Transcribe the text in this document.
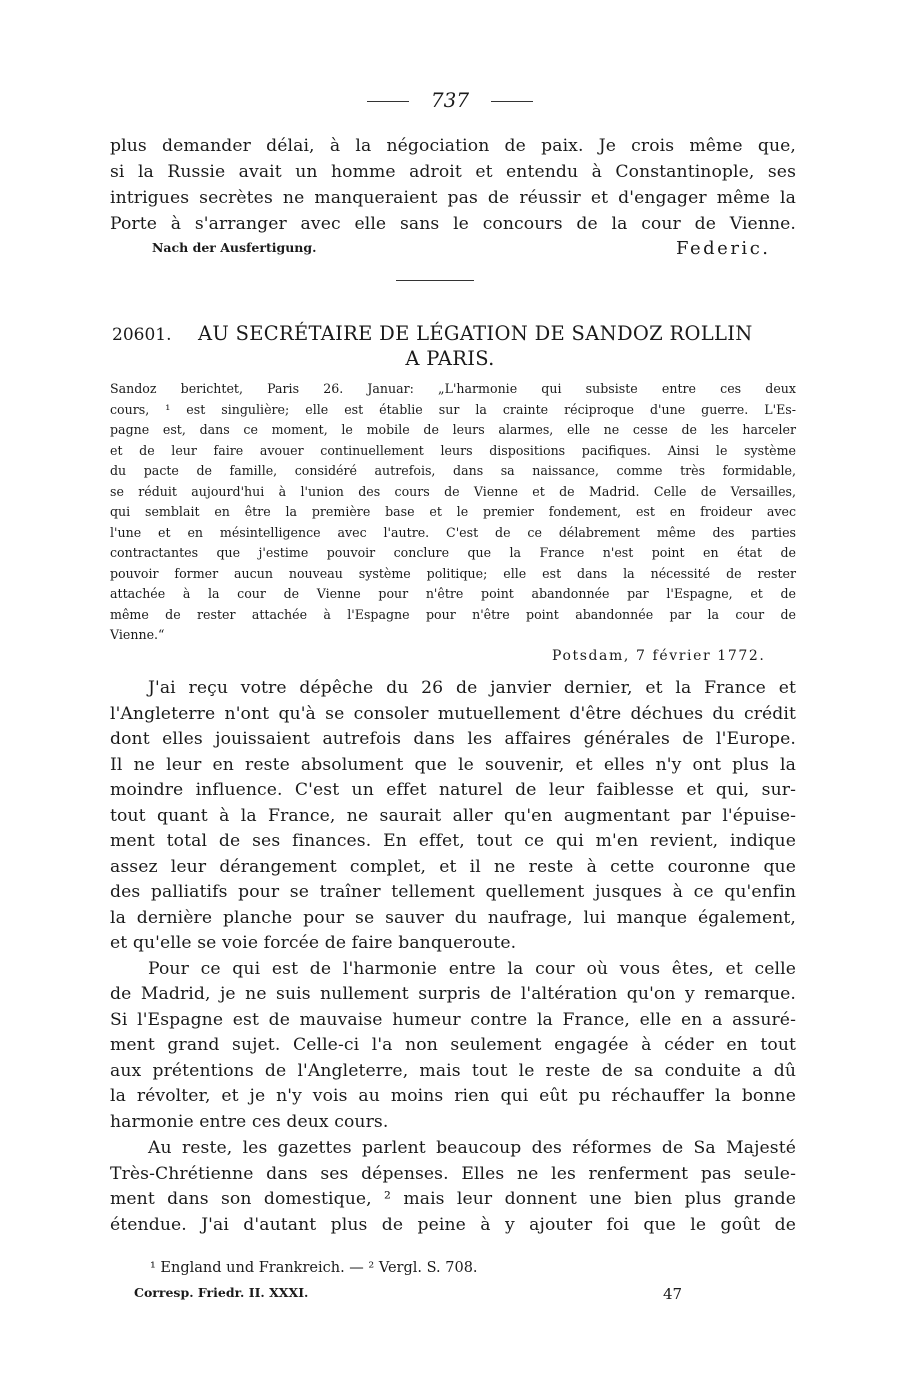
737
plus demander délai, à la négociation de paix. Je crois même que,
si la Russie avait un homme adroit et entendu à Constantinople, ses
intrigues secrètes ne manqueraient pas de réussir et d'engager même la
Porte à s'arranger avec elle sans le concours de la cour de Vienne.
Nach der Ausfertigung.	Federic.
20601. AU SECRÉTAIRE DE LÉGATION DE SANDOZ ROLLIN
A PARIS.
Sandoz berichtet, Paris 26. Januar: „L'harmonie qui subsiste entre ces deux
cours, ¹ est singulière; elle est établie sur la crainte réciproque d'une guerre. L'Es-
pagne est, dans ce moment, le mobile de leurs alarmes, elle ne cesse de les harceler
et de leur faire avouer continuellement leurs dispositions pacifiques. Ainsi le système
du pacte de famille, considéré autrefois, dans sa naissance, comme très formidable,
se réduit aujourd'hui à l'union des cours de Vienne et de Madrid. Celle de Versailles,
qui semblait en être la première base et le premier fondement, est en froideur avec
l'une et en mésintelligence avec l'autre. C'est de ce délabrement même des parties
contractantes que j'estime pouvoir conclure que la France n'est point en état de
pouvoir former aucun nouveau système politique; elle est dans la nécessité de rester
attachée à la cour de Vienne pour n'être point abandonnée par l'Espagne, et de
même de rester attachée à l'Espagne pour n'être point abandonnée par la cour de
Vienne.“
Potsdam, 7 février 1772.
J'ai reçu votre dépêche du 26 de janvier dernier, et la France et
l'Angleterre n'ont qu'à se consoler mutuellement d'être déchues du crédit
dont elles jouissaient autrefois dans les affaires générales de l'Europe.
Il ne leur en reste absolument que le souvenir, et elles n'y ont plus la
moindre influence. C'est un effet naturel de leur faiblesse et qui, sur-
tout quant à la France, ne saurait aller qu'en augmentant par l'épuise-
ment total de ses finances. En effet, tout ce qui m'en revient, indique
assez leur dérangement complet, et il ne reste à cette couronne que
des palliatifs pour se traîner tellement quellement jusques à ce qu'enfin
la dernière planche pour se sauver du naufrage, lui manque également,
et qu'elle se voie forcée de faire banqueroute.
Pour ce qui est de l'harmonie entre la cour où vous êtes, et celle
de Madrid, je ne suis nullement surpris de l'altération qu'on y remarque.
Si l'Espagne est de mauvaise humeur contre la France, elle en a assuré-
ment grand sujet. Celle-ci l'a non seulement engagée à céder en tout
aux prétentions de l'Angleterre, mais tout le reste de sa conduite a dû
la révolter, et je n'y vois au moins rien qui eût pu réchauffer la bonne
harmonie entre ces deux cours.
Au reste, les gazettes parlent beaucoup des réformes de Sa Majesté
Très-Chrétienne dans ses dépenses. Elles ne les renferment pas seule-
ment dans son domestique, ² mais leur donnent une bien plus grande
étendue. J'ai d'autant plus de peine à y ajouter foi que le goût de
¹ England und Frankreich. — ² Vergl. S. 708.
Corresp. Friedr. II. XXXI.	47
